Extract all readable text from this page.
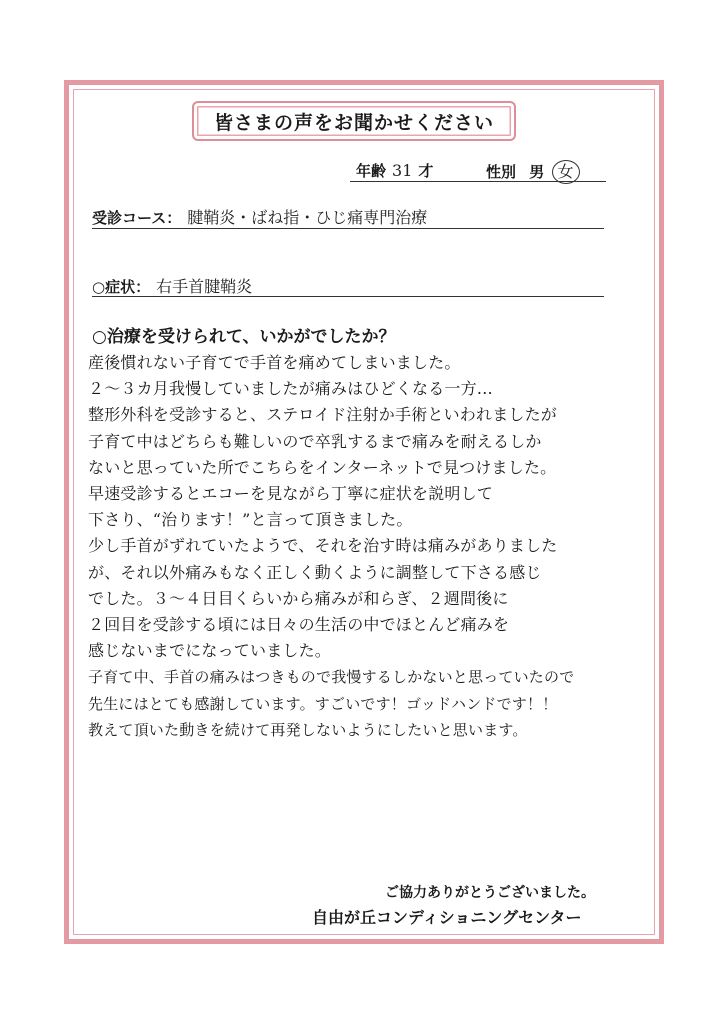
皆さまの声をお聞かせください
年齢 31 才	性別 男 女
受診コース： 腱鞘炎・ばね指・ひじ痛専門治療
○症状： 右手首腱鞘炎
○治療を受けられて、いかがでしたか？
産後慣れない子育てで手首を痛めてしまいました。
２～３カ月我慢していましたが痛みはひどくなる一方…
整形外科を受診すると、ステロイド注射か手術といわれましたが
子育て中はどちらも難しいので卒乳するまで痛みを耐えるしか
ないと思っていた所でこちらをインターネットで見つけました。
早速受診するとエコーを見ながら丁寧に症状を説明して
下さり、“治ります！”と言って頂きました。
少し手首がずれていたようで、それを治す時は痛みがありました
が、それ以外痛みもなく正しく動くように調整して下さる感じ
でした。３～４日目くらいから痛みが和らぎ、２週間後に
２回目を受診する頃には日々の生活の中でほとんど痛みを
感じないまでになっていました。
子育て中、手首の痛みはつきもので我慢するしかないと思っていたので
先生にはとても感謝しています。すごいです！ゴッドハンドです！！
教えて頂いた動きを続けて再発しないようにしたいと思います。
ご協力ありがとうございました。
自由が丘コンディショニングセンター
